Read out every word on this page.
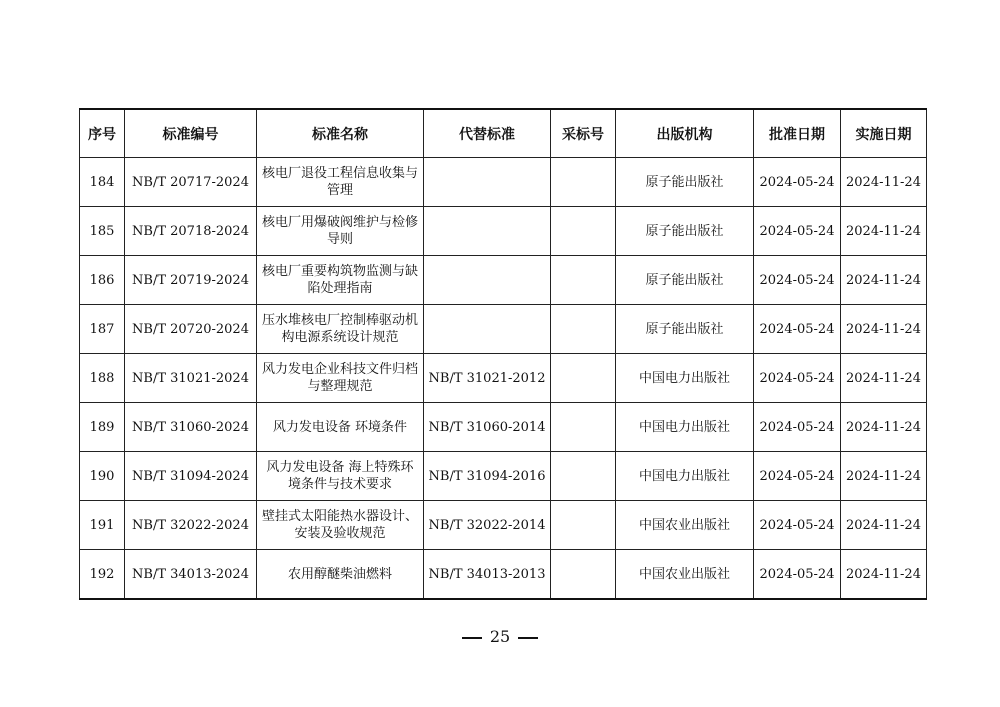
序号	标准编号	标准名称	代替标准	采标号	出版机构	批准日期	实施日期
184	NB/T 20717-2024	核电厂退役工程信息收集与管理			原子能出版社	2024-05-24	2024-11-24
185	NB/T 20718-2024	核电厂用爆破阀维护与检修导则			原子能出版社	2024-05-24	2024-11-24
186	NB/T 20719-2024	核电厂重要构筑物监测与缺陷处理指南			原子能出版社	2024-05-24	2024-11-24
187	NB/T 20720-2024	压水堆核电厂控制棒驱动机构电源系统设计规范			原子能出版社	2024-05-24	2024-11-24
188	NB/T 31021-2024	风力发电企业科技文件归档与整理规范	NB/T 31021-2012		中国电力出版社	2024-05-24	2024-11-24
189	NB/T 31060-2024	风力发电设备 环境条件	NB/T 31060-2014		中国电力出版社	2024-05-24	2024-11-24
190	NB/T 31094-2024	风力发电设备 海上特殊环境条件与技术要求	NB/T 31094-2016		中国电力出版社	2024-05-24	2024-11-24
191	NB/T 32022-2024	壁挂式太阳能热水器设计、安装及验收规范	NB/T 32022-2014		中国农业出版社	2024-05-24	2024-11-24
192	NB/T 34013-2024	农用醇醚柴油燃料	NB/T 34013-2013		中国农业出版社	2024-05-24	2024-11-24
25
